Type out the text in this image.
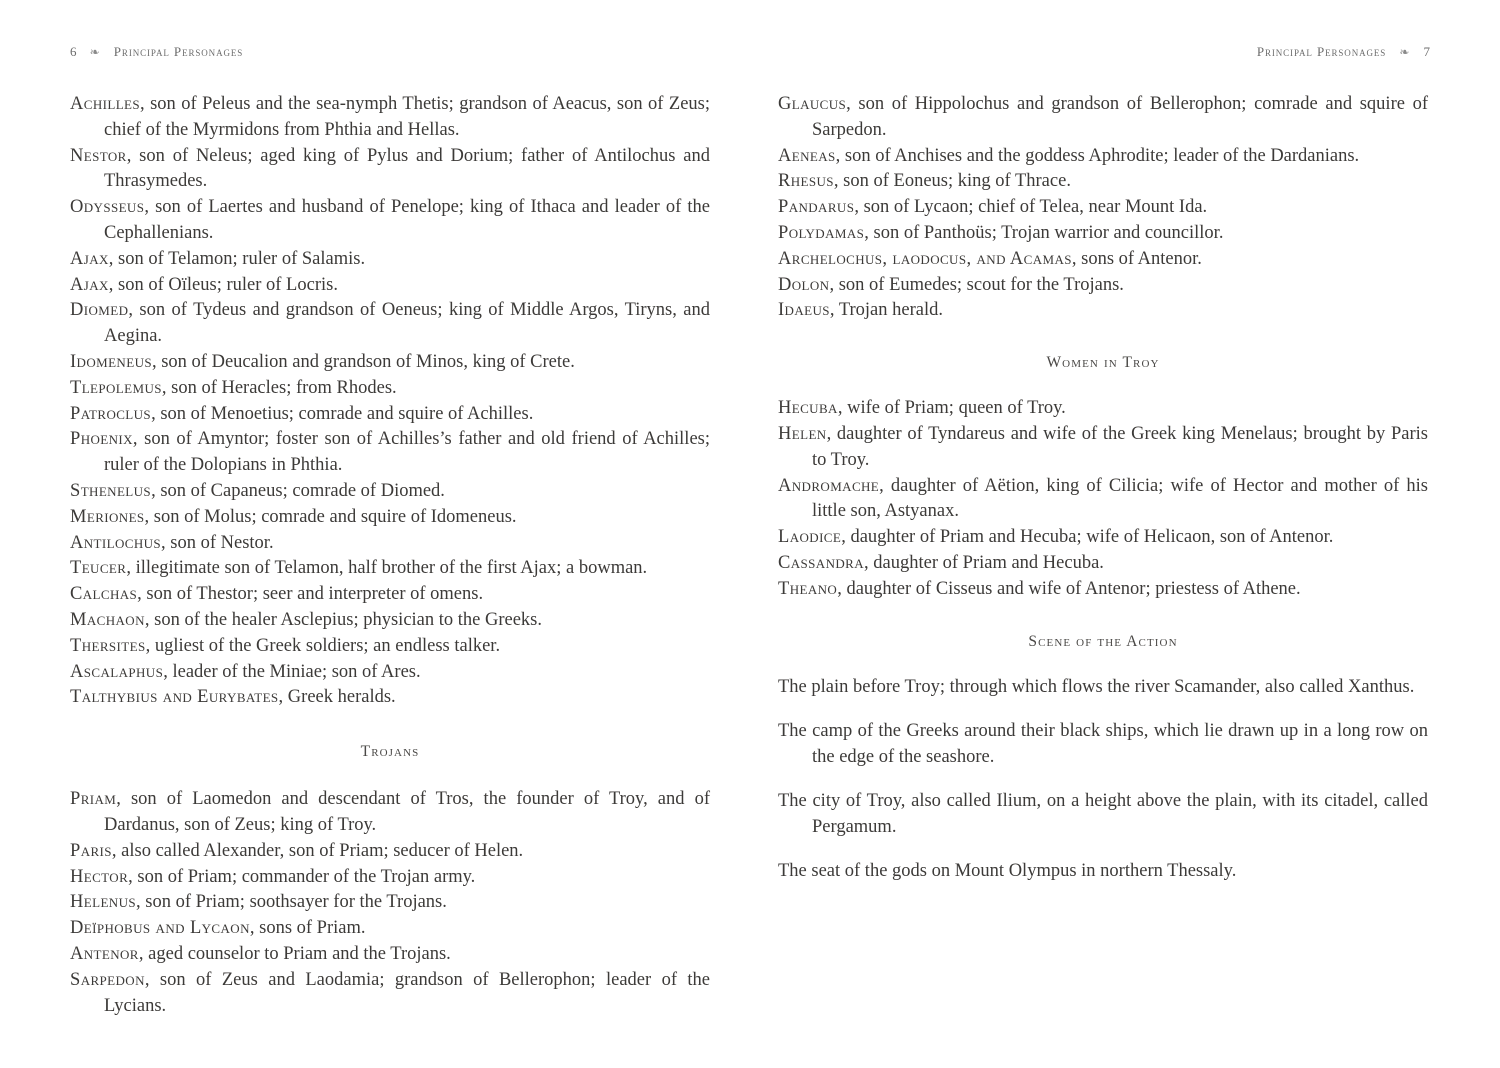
6 ❧ Principal Personages	Principal Personages ❧ 7

Achilles, son of Peleus and the sea-nymph Thetis; grandson of Aeacus, son of Zeus; chief of the Myrmidons from Phthia and Hellas.

Nestor, son of Neleus; aged king of Pylus and Dorium; father of Antilochus and Thrasymedes.

Odysseus, son of Laertes and husband of Penelope; king of Ithaca and leader of the Cephallenians.

Ajax, son of Telamon; ruler of Salamis.

Ajax, son of Oïleus; ruler of Locris.

Diomed, son of Tydeus and grandson of Oeneus; king of Middle Argos, Tiryns, and Aegina.

Idomeneus, son of Deucalion and grandson of Minos, king of Crete.

Tlepolemus, son of Heracles; from Rhodes.

Patroclus, son of Menoetius; comrade and squire of Achilles.

Phoenix, son of Amyntor; foster son of Achilles’s father and old friend of Achilles; ruler of the Dolopians in Phthia.

Sthenelus, son of Capaneus; comrade of Diomed.

Meriones, son of Molus; comrade and squire of Idomeneus.

Antilochus, son of Nestor.

Teucer, illegitimate son of Telamon, half brother of the first Ajax; a bowman.

Calchas, son of Thestor; seer and interpreter of omens.

Machaon, son of the healer Asclepius; physician to the Greeks.

Thersites, ugliest of the Greek soldiers; an endless talker.

Ascalaphus, leader of the Miniae; son of Ares.

Talthybius and Eurybates, Greek heralds.

Trojans

Priam, son of Laomedon and descendant of Tros, the founder of Troy, and of Dardanus, son of Zeus; king of Troy.

Paris, also called Alexander, son of Priam; seducer of Helen.

Hector, son of Priam; commander of the Trojan army.

Helenus, son of Priam; soothsayer for the Trojans.

Deïphobus and Lycaon, sons of Priam.

Antenor, aged counselor to Priam and the Trojans.

Sarpedon, son of Zeus and Laodamia; grandson of Bellerophon; leader of the Lycians.

Glaucus, son of Hippolochus and grandson of Bellerophon; comrade and squire of Sarpedon.

Aeneas, son of Anchises and the goddess Aphrodite; leader of the Dardanians.

Rhesus, son of Eoneus; king of Thrace.

Pandarus, son of Lycaon; chief of Telea, near Mount Ida.

Polydamas, son of Panthoüs; Trojan warrior and councillor.

Archelochus, laodocus, and Acamas, sons of Antenor.

Dolon, son of Eumedes; scout for the Trojans.

Idaeus, Trojan herald.

Women in Troy

Hecuba, wife of Priam; queen of Troy.

Helen, daughter of Tyndareus and wife of the Greek king Menelaus; brought by Paris to Troy.

Andromache, daughter of Aëtion, king of Cilicia; wife of Hector and mother of his little son, Astyanax.

Laodice, daughter of Priam and Hecuba; wife of Helicaon, son of Antenor.

Cassandra, daughter of Priam and Hecuba.

Theano, daughter of Cisseus and wife of Antenor; priestess of Athene.

Scene of the Action

The plain before Troy; through which flows the river Scamander, also called Xanthus.

The camp of the Greeks around their black ships, which lie drawn up in a long row on the edge of the seashore.

The city of Troy, also called Ilium, on a height above the plain, with its citadel, called Pergamum.

The seat of the gods on Mount Olympus in northern Thessaly.
